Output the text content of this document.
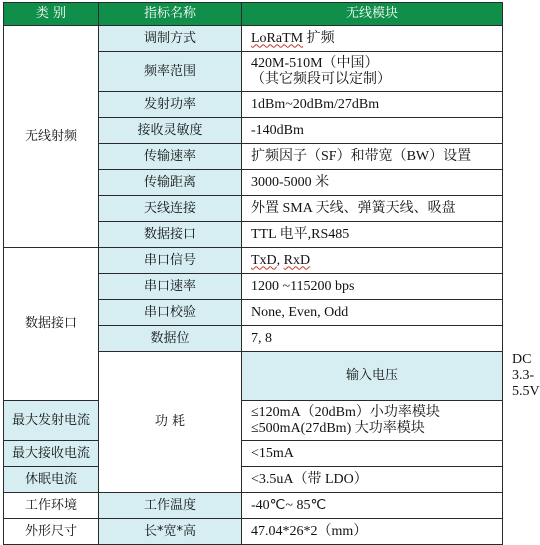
类 别	指标名称	无线模块	
无线射频	调制方式	LoRaTM 扩频	
	频率范围	420M-510M（中国）
（其它频段可以定制）	

	发射功率	1dBm~20dBm/27dBm	
	接收灵敏度	-140dBm	
	传输速率	扩频因子（SF）和带宽（BW）设置	
	传输距离	3000-5000 米	
	天线连接	外置 SMA 天线、弹簧天线、吸盘	
	数据接口	TTL 电平,RS485	
数据接口	串口信号	TxD, RxD	
	串口速率	1200 ~115200 bps	
	串口校验	None, Even, Odd	
	数据位	7, 8	
	功 耗	输入电压	DC 3.3-5.5V
最大发射电流		≤120mA（20dBm）小功率模块
≤500mA(27dBm) 大功率模块	

最大接收电流		<15mA	
休眠电流		<3.5uA（带 LDO）	
工作环境	工作温度	-40℃~ 85℃	
外形尺寸	长*宽*高	47.04*26*2（mm）	
